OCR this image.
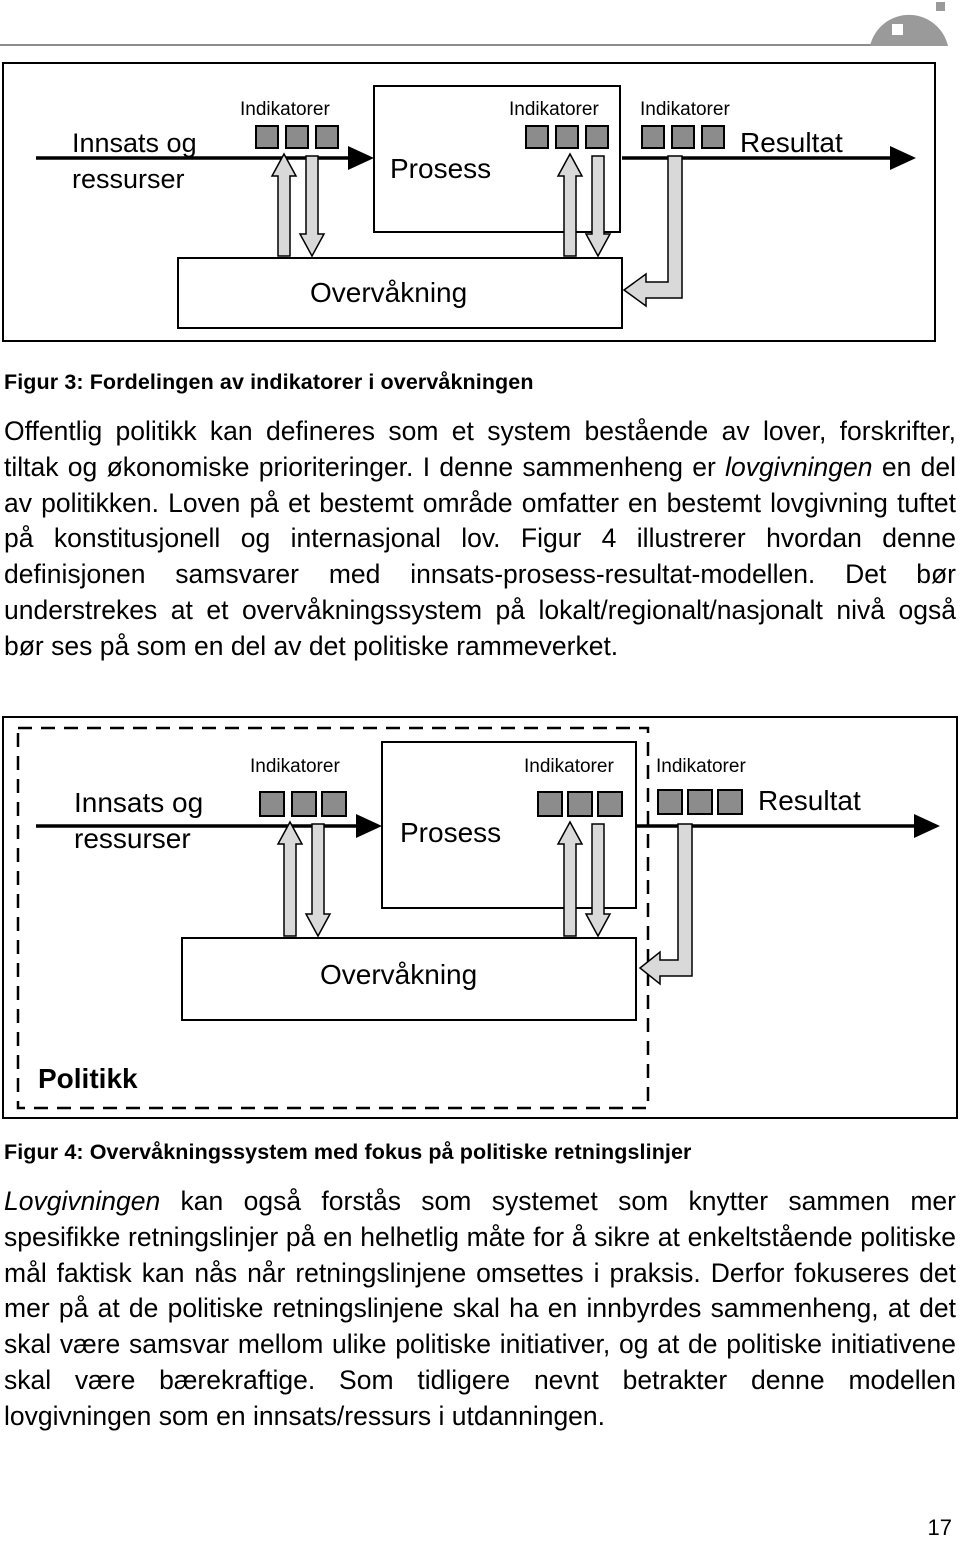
Indikatorer	Indikatorer Indikatorer
Innsats og
ressurser	Prosess
Resultat
Overvåkning
Figur 3: Fordelingen av indikatorer i overvåkningen
Offentlig politikk kan defineres som et system bestående av lover, forskrifter, tiltak og økonomiske prioriteringer. I denne sammenheng er lovgivningen en del av politikken. Loven på et bestemt område omfatter en bestemt lovgivning tuftet på konstitusjonell og internasjonal lov. Figur 4 illustrerer hvordan denne definisjonen samsvarer med innsats-prosess-resultat-modellen. Det bør understrekes at et overvåkningssystem på lokalt/regionalt/nasjonalt nivå også bør ses på som en del av det politiske rammeverket.
Indikatorer	Indikatorer Indikatorer
Innsats og
ressurser	Prosess
Resultat
Overvåkning
Politikk
Figur 4: Overvåkningssystem med fokus på politiske retningslinjer
Lovgivningen kan også forstås som systemet som knytter sammen mer spesifikke retningslinjer på en helhetlig måte for å sikre at enkeltstående politiske mål faktisk kan nås når retningslinjene omsettes i praksis. Derfor fokuseres det mer på at de politiske retningslinjene skal ha en innbyrdes sammenheng, at det skal være samsvar mellom ulike politiske initiativer, og at de politiske initiativene skal være bærekraftige. Som tidligere nevnt betrakter denne modellen lovgivningen som en innsats/ressurs i utdanningen.
17
